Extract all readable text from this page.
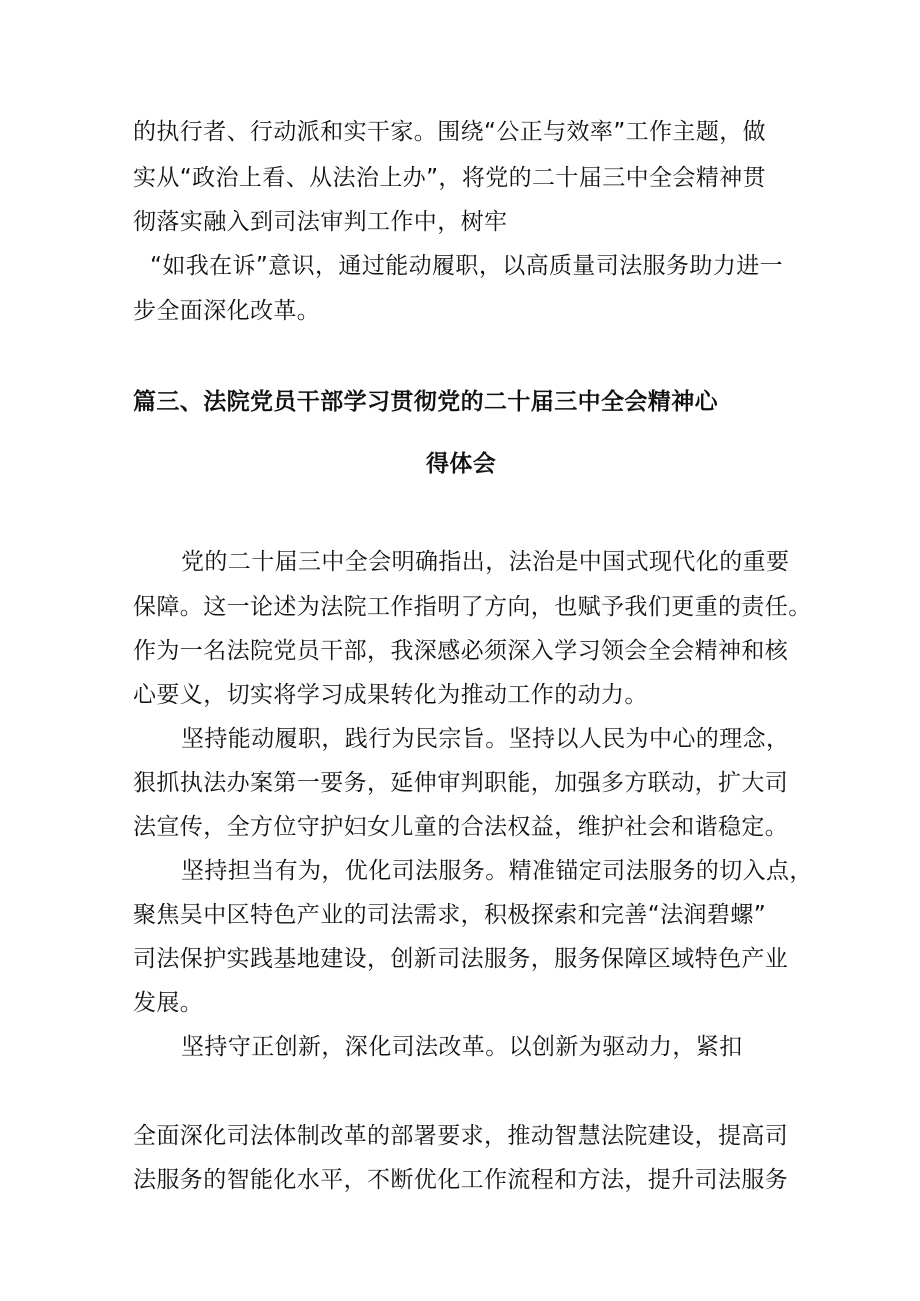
的执行者、行动派和实干家。围绕“公正与效率”工作主题，做
实从“政治上看、从法治上办”，将党的二十届三中全会精神贯
彻落实融入到司法审判工作中，树牢
“如我在诉”意识，通过能动履职，以高质量司法服务助力进一
步全面深化改革。
篇三、法院党员干部学习贯彻党的二十届三中全会精神心
得体会
党的二十届三中全会明确指出，法治是中国式现代化的重要
保障。这一论述为法院工作指明了方向，也赋予我们更重的责任。
作为一名法院党员干部，我深感必须深入学习领会全会精神和核
心要义，切实将学习成果转化为推动工作的动力。
坚持能动履职，践行为民宗旨。坚持以人民为中心的理念，
狠抓执法办案第一要务，延伸审判职能，加强多方联动，扩大司
法宣传，全方位守护妇女儿童的合法权益，维护社会和谐稳定。
坚持担当有为，优化司法服务。精准锚定司法服务的切入点，
聚焦吴中区特色产业的司法需求，积极探索和完善“法润碧螺”
司法保护实践基地建设，创新司法服务，服务保障区域特色产业
发展。
坚持守正创新，深化司法改革。以创新为驱动力，紧扣
全面深化司法体制改革的部署要求，推动智慧法院建设，提高司
法服务的智能化水平，不断优化工作流程和方法，提升司法服务
